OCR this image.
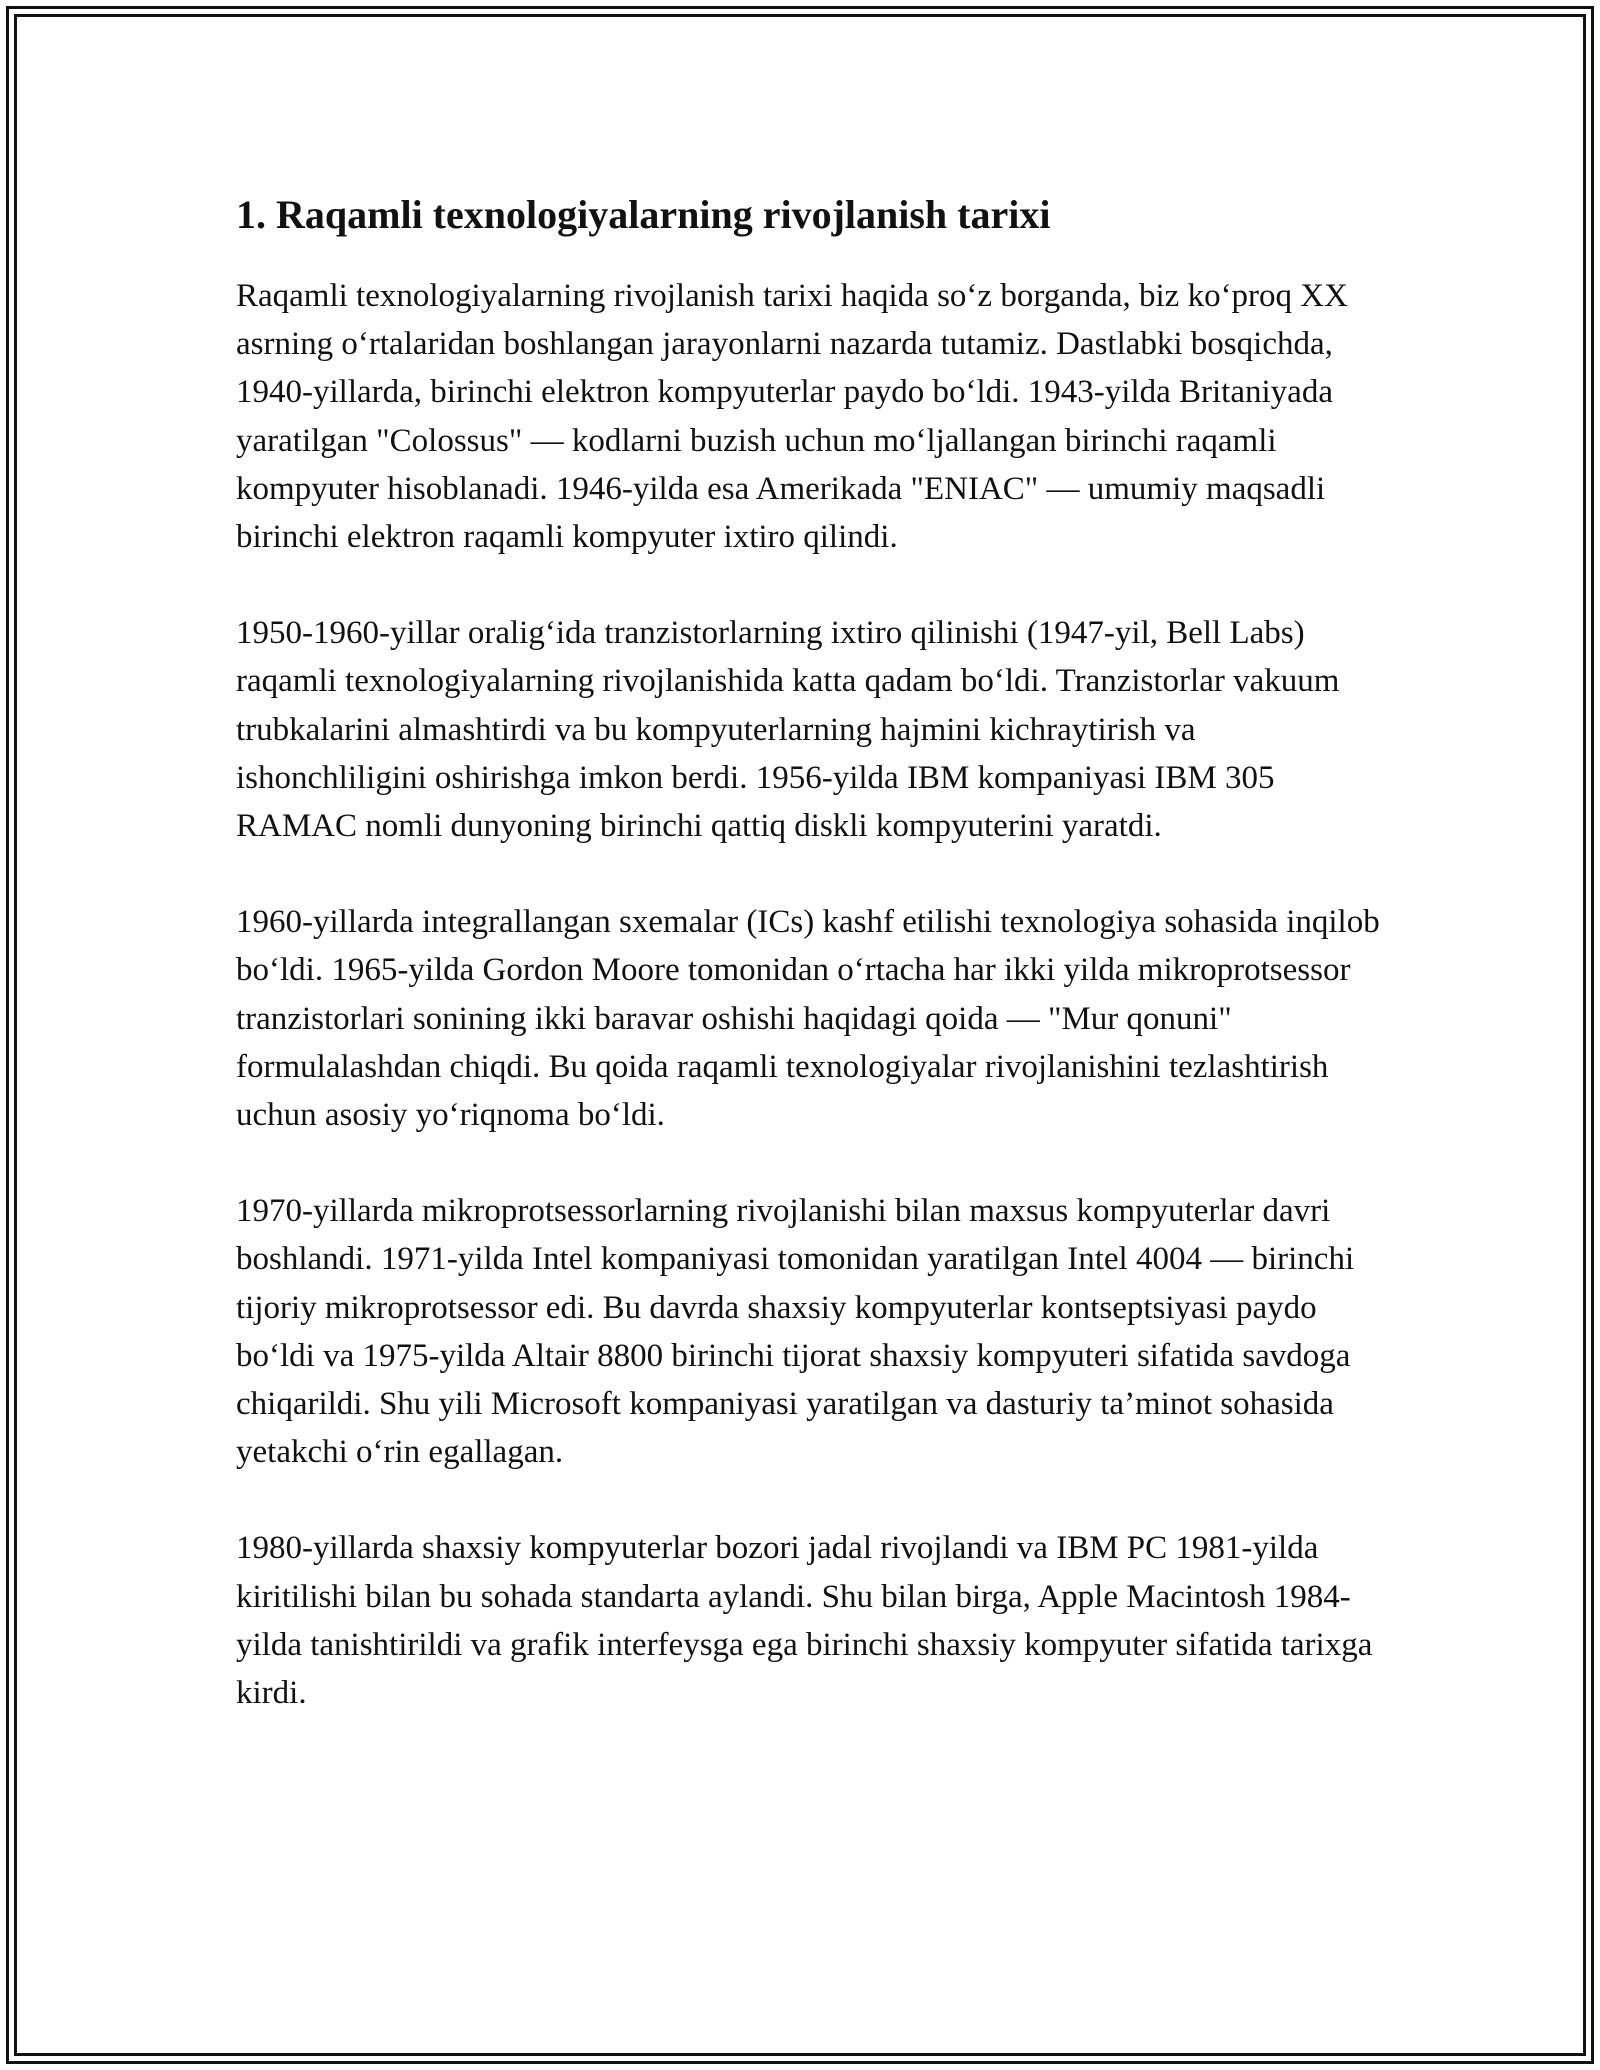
1. Raqamli texnologiyalarning rivojlanish tarixi

Raqamli texnologiyalarning rivojlanish tarixi haqida so‘z borganda, biz ko‘proq XX asrning o‘rtalaridan boshlangan jarayonlarni nazarda tutamiz. Dastlabki bosqichda, 1940-yillarda, birinchi elektron kompyuterlar paydo bo‘ldi. 1943-yilda Britaniyada yaratilgan "Colossus" — kodlarni buzish uchun mo‘ljallangan birinchi raqamli kompyuter hisoblanadi. 1946-yilda esa Amerikada "ENIAC" — umumiy maqsadli birinchi elektron raqamli kompyuter ixtiro qilindi.

1950-1960-yillar oralig‘ida tranzistorlarning ixtiro qilinishi (1947-yil, Bell Labs) raqamli texnologiyalarning rivojlanishida katta qadam bo‘ldi. Tranzistorlar vakuum trubkalarini almashtirdi va bu kompyuterlarning hajmini kichraytirish va ishonchliligini oshirishga imkon berdi. 1956-yilda IBM kompaniyasi IBM 305 RAMAC nomli dunyoning birinchi qattiq diskli kompyuterini yaratdi.

1960-yillarda integrallangan sxemalar (ICs) kashf etilishi texnologiya sohasida inqilob bo‘ldi. 1965-yilda Gordon Moore tomonidan o‘rtacha har ikki yilda mikroprotsessor tranzistorlari sonining ikki baravar oshishi haqidagi qoida — "Mur qonuni" formulalashdan chiqdi. Bu qoida raqamli texnologiyalar rivojlanishini tezlashtirish uchun asosiy yo‘riqnoma bo‘ldi.

1970-yillarda mikroprotsessorlarning rivojlanishi bilan maxsus kompyuterlar davri boshlandi. 1971-yilda Intel kompaniyasi tomonidan yaratilgan Intel 4004 — birinchi tijoriy mikroprotsessor edi. Bu davrda shaxsiy kompyuterlar kontseptsiyasi paydo bo‘ldi va 1975-yilda Altair 8800 birinchi tijorat shaxsiy kompyuteri sifatida savdoga chiqarildi. Shu yili Microsoft kompaniyasi yaratilgan va dasturiy ta’minot sohasida yetakchi o‘rin egallagan.

1980-yillarda shaxsiy kompyuterlar bozori jadal rivojlandi va IBM PC 1981-yilda kiritilishi bilan bu sohada standarta aylandi. Shu bilan birga, Apple Macintosh 1984-yilda tanishtirildi va grafik interfeysga ega birinchi shaxsiy kompyuter sifatida tarixga kirdi.
